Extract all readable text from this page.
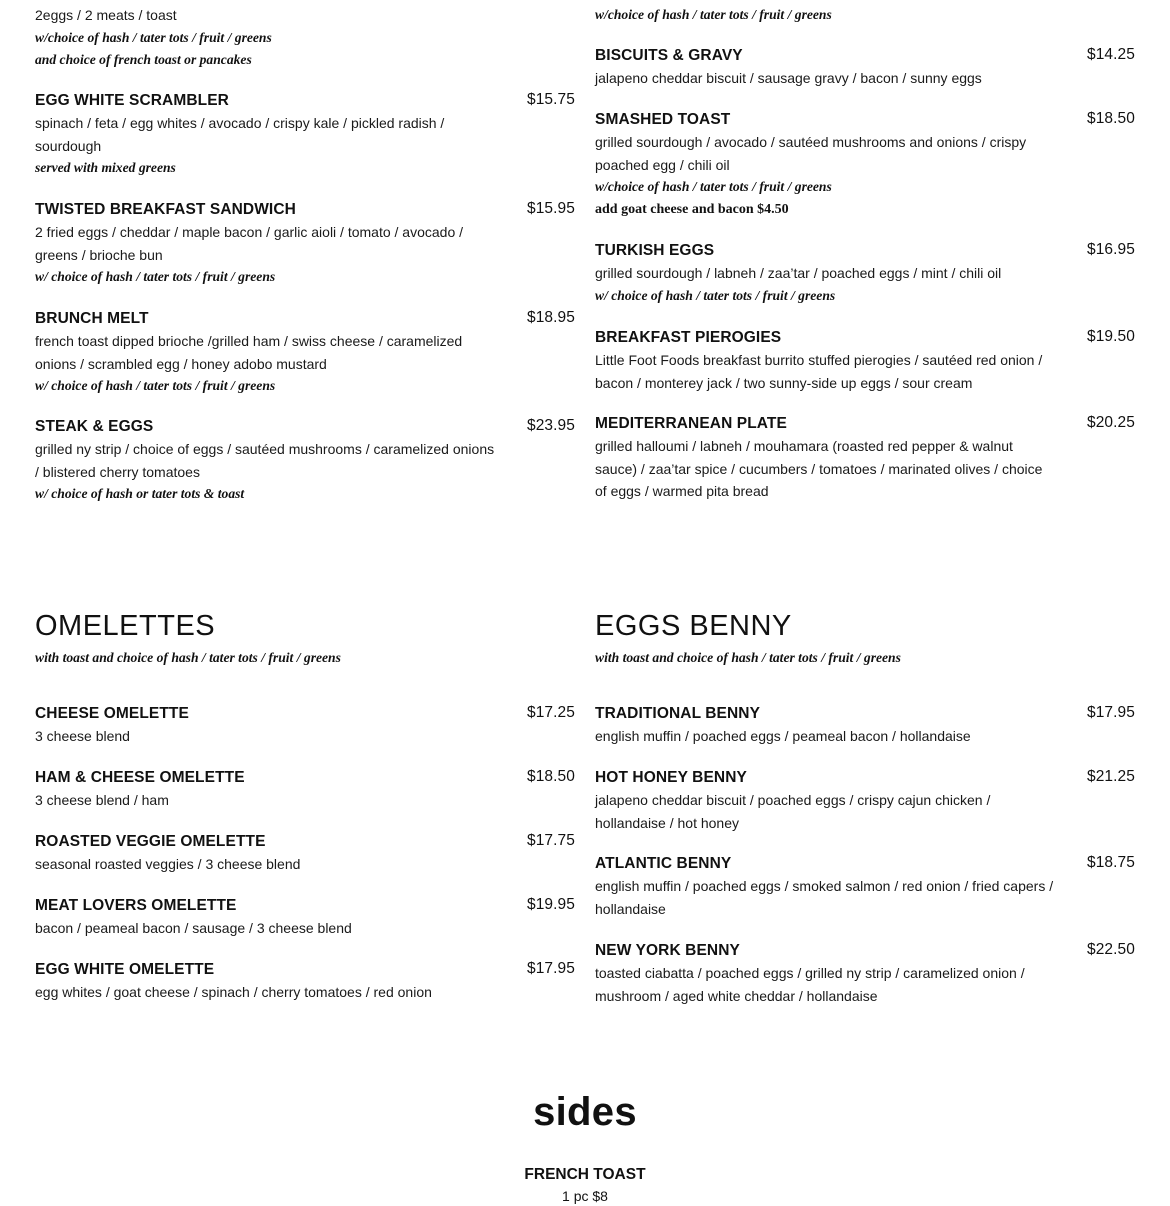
2eggs / 2 meats / toast
w/choice of hash / tater tots / fruit / greens
and choice of french toast or pancakes
w/choice of hash / tater tots / fruit / greens
EGG WHITE SCRAMBLER	$15.75
spinach / feta / egg whites / avocado / crispy kale / pickled radish / sourdough
served with mixed greens
TWISTED BREAKFAST SANDWICH	$15.95
2 fried eggs / cheddar / maple bacon / garlic aioli / tomato / avocado / greens / brioche bun
w/ choice of hash / tater tots / fruit / greens
BRUNCH MELT	$18.95
french toast dipped brioche /grilled ham / swiss cheese / caramelized onions / scrambled egg / honey adobo mustard
w/ choice of hash / tater tots / fruit / greens
STEAK & EGGS	$23.95
grilled ny strip / choice of eggs / sautéed mushrooms / caramelized onions / blistered cherry tomatoes
w/ choice of hash or tater tots & toast
BISCUITS & GRAVY	$14.25
jalapeno cheddar biscuit / sausage gravy / bacon / sunny eggs
SMASHED TOAST	$18.50
grilled sourdough / avocado / sautéed mushrooms and onions / crispy poached egg / chili oil
w/choice of hash / tater tots / fruit / greens
add goat cheese and bacon $4.50
TURKISH EGGS	$16.95
grilled sourdough / labneh / zaa’tar / poached eggs / mint / chili oil
w/ choice of hash / tater tots / fruit / greens
BREAKFAST PIEROGIES	$19.50
Little Foot Foods breakfast burrito stuffed pierogies / sautéed red onion / bacon / monterey jack / two sunny-side up eggs / sour cream
MEDITERRANEAN PLATE	$20.25
grilled halloumi / labneh / mouhamara (roasted red pepper & walnut sauce) / zaa’tar spice / cucumbers / tomatoes / marinated olives / choice of eggs / warmed pita bread
OMELETTES
with toast and choice of hash / tater tots / fruit / greens
CHEESE OMELETTE	$17.25
3 cheese blend
HAM & CHEESE OMELETTE	$18.50
3 cheese blend / ham
ROASTED VEGGIE OMELETTE	$17.75
seasonal roasted veggies / 3 cheese blend
MEAT LOVERS OMELETTE	$19.95
bacon / peameal bacon / sausage / 3 cheese blend
EGG WHITE OMELETTE	$17.95
egg whites / goat cheese / spinach / cherry tomatoes / red onion
EGGS BENNY
with toast and choice of hash / tater tots / fruit / greens
TRADITIONAL BENNY	$17.95
english muffin / poached eggs / peameal bacon / hollandaise
HOT HONEY BENNY	$21.25
jalapeno cheddar biscuit / poached eggs / crispy cajun chicken / hollandaise / hot honey
ATLANTIC BENNY	$18.75
english muffin / poached eggs / smoked salmon / red onion / fried capers / hollandaise
NEW YORK BENNY	$22.50
toasted ciabatta / poached eggs / grilled ny strip / caramelized onion / mushroom / aged white cheddar / hollandaise
sides
FRENCH TOAST
1 pc $8
